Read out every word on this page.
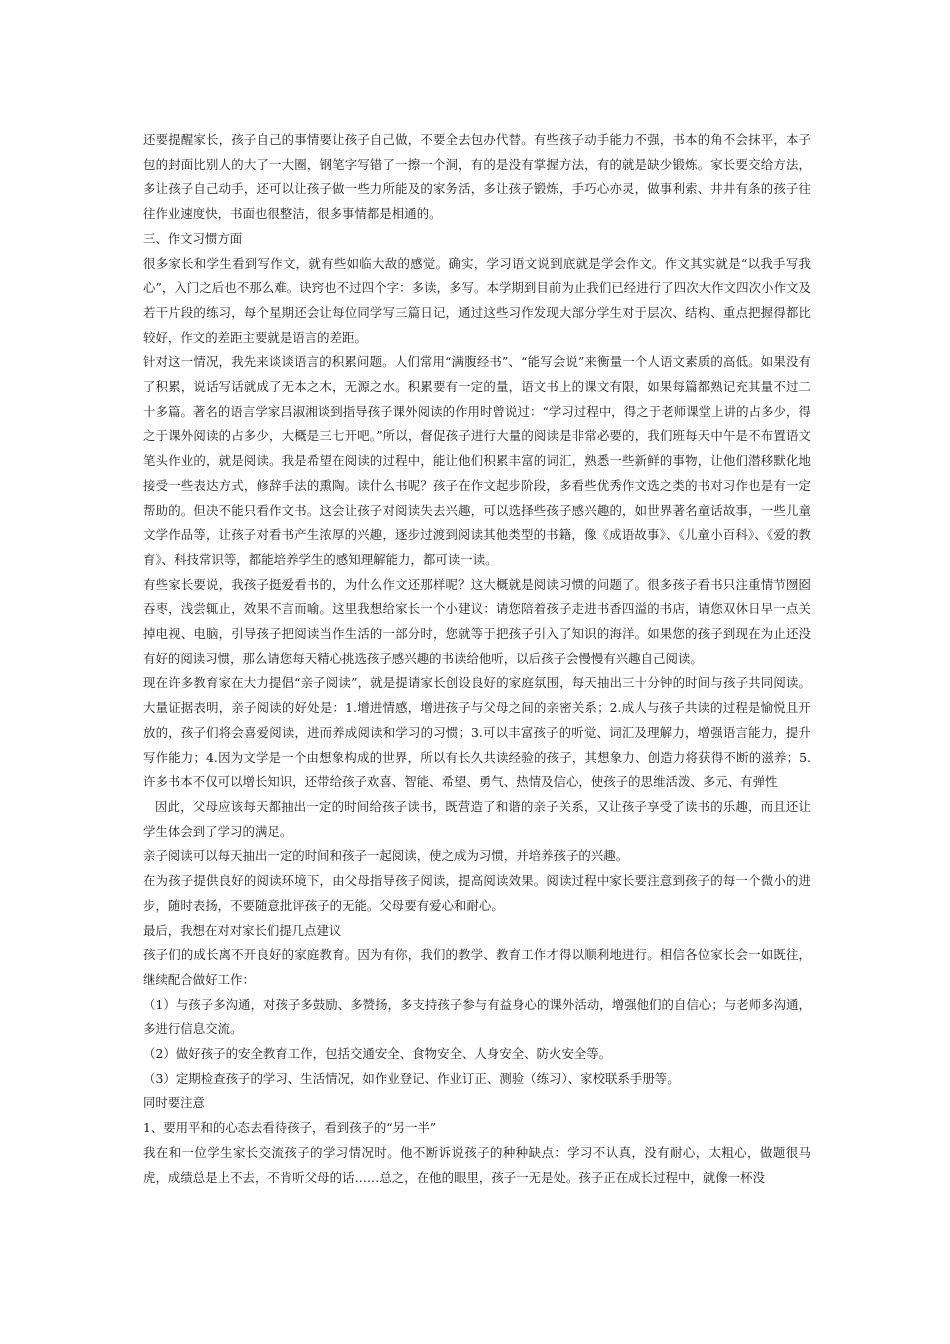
还要提醒家长，孩子自己的事情要让孩子自己做，不要全去包办代替。有些孩子动手能力不强，书本的角不会抹平，本子包的封面比别人的大了一大圈，钢笔字写错了一擦一个洞，有的是没有掌握方法，有的就是缺少锻炼。家长要交给方法，多让孩子自己动手，还可以让孩子做一些力所能及的家务活，多让孩子锻炼，手巧心亦灵，做事利索、井井有条的孩子往往作业速度快，书面也很整洁，很多事情都是相通的。

三、作文习惯方面

很多家长和学生看到写作文，就有些如临大敌的感觉。确实，学习语文说到底就是学会作文。作文其实就是“以我手写我心”，入门之后也不那么难。诀窍也不过四个字：多读，多写。本学期到目前为止我们已经进行了四次大作文四次小作文及若干片段的练习，每个星期还会让每位同学写三篇日记，通过这些习作发现大部分学生对于层次、结构、重点把握得都比较好，作文的差距主要就是语言的差距。

针对这一情况，我先来谈谈语言的积累问题。人们常用“满腹经书”、“能写会说”来衡量一个人语文素质的高低。如果没有了积累，说话写话就成了无本之木，无源之水。积累要有一定的量，语文书上的课文有限，如果每篇都熟记充其量不过二十多篇。著名的语言学家吕淑湘谈到指导孩子课外阅读的作用时曾说过：“学习过程中，得之于老师课堂上讲的占多少，得之于课外阅读的占多少，大概是三七开吧。”所以，督促孩子进行大量的阅读是非常必要的，我们班每天中午是不布置语文笔头作业的，就是阅读。我是希望在阅读的过程中，能让他们积累丰富的词汇，熟悉一些新鲜的事物，让他们潜移默化地接受一些表达方式，修辞手法的熏陶。读什么书呢？孩子在作文起步阶段，多看些优秀作文选之类的书对习作也是有一定帮助的。但决不能只看作文书。这会让孩子对阅读失去兴趣，可以选择些孩子感兴趣的，如世界著名童话故事，一些儿童文学作品等，让孩子对看书产生浓厚的兴趣，逐步过渡到阅读其他类型的书籍，像《成语故事》、《儿童小百科》、《爱的教育》、科技常识等，都能培养学生的感知理解能力，都可读一读。

有些家长要说，我孩子挺爱看书的，为什么作文还那样呢？这大概就是阅读习惯的问题了。很多孩子看书只注重情节囫囵吞枣，浅尝辄止，效果不言而喻。这里我想给家长一个小建议：请您陪着孩子走进书香四溢的书店，请您双休日早一点关掉电视、电脑，引导孩子把阅读当作生活的一部分时，您就等于把孩子引入了知识的海洋。如果您的孩子到现在为止还没有好的阅读习惯，那么请您每天精心挑选孩子感兴趣的书读给他听，以后孩子会慢慢有兴趣自己阅读。

现在许多教育家在大力提倡“亲子阅读”，就是提请家长创设良好的家庭氛围，每天抽出三十分钟的时间与孩子共同阅读。大量证据表明，亲子阅读的好处是：1.增进情感，增进孩子与父母之间的亲密关系；2.成人与孩子共读的过程是愉悦且开放的，孩子们将会喜爱阅读，进而养成阅读和学习的习惯；3.可以丰富孩子的听觉、词汇及理解力，增强语言能力，提升写作能力；4.因为文学是一个由想象构成的世界，所以有长久共读经验的孩子，其想象力、创造力将获得不断的滋养；5.许多书本不仅可以增长知识，还带给孩子欢喜、智能、希望、勇气、热情及信心，使孩子的思维活泼、多元、有弹性

因此，父母应该每天都抽出一定的时间给孩子读书，既营造了和谐的亲子关系，又让孩子享受了读书的乐趣，而且还让学生体会到了学习的满足。

亲子阅读可以每天抽出一定的时间和孩子一起阅读，使之成为习惯，并培养孩子的兴趣。

在为孩子提供良好的阅读环境下，由父母指导孩子阅读，提高阅读效果。阅读过程中家长要注意到孩子的每一个微小的进步，随时表扬，不要随意批评孩子的无能。父母要有爱心和耐心。

最后，我想在对对家长们提几点建议

孩子们的成长离不开良好的家庭教育。因为有你，我们的教学、教育工作才得以顺利地进行。相信各位家长会一如既往，继续配合做好工作：

（1）与孩子多沟通，对孩子多鼓励、多赞扬，多支持孩子参与有益身心的课外活动，增强他们的自信心；与老师多沟通，多进行信息交流。

（2）做好孩子的安全教育工作，包括交通安全、食物安全、人身安全、防火安全等。

（3）定期检查孩子的学习、生活情况，如作业登记、作业订正、测验（练习）、家校联系手册等。

同时要注意

1、要用平和的心态去看待孩子，看到孩子的“另一半”

我在和一位学生家长交流孩子的学习情况时。他不断诉说孩子的种种缺点：学习不认真，没有耐心，太粗心，做题很马虎，成绩总是上不去，不肯听父母的话……总之，在他的眼里，孩子一无是处。孩子正在成长过程中，就像一杯没
